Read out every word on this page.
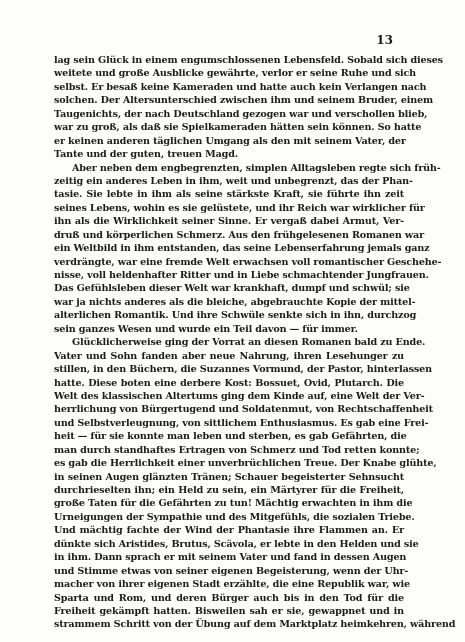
13
lag sein Glück in einem engumschlossenen Lebensfeld. Sobald sich dieses
weitete und große Ausblicke gewährte, verlor er seine Ruhe und sich
selbst. Er besaß keine Kameraden und hatte auch kein Verlangen nach
solchen. Der Altersunterschied zwischen ihm und seinem Bruder, einem
Taugenichts, der nach Deutschland gezogen war und verschollen blieb,
war zu groß, als daß sie Spielkameraden hätten sein können. So hatte
er keinen anderen täglichen Umgang als den mit seinem Vater, der
Tante und der guten, treuen Magd.
Aber neben dem engbegrenzten, simplen Alltagsleben regte sich früh-
zeitig ein anderes Leben in ihm, weit und unbegrenzt, das der Phan-
tasie. Sie lebte in ihm als seine stärkste Kraft, sie führte ihn zeit
seines Lebens, wohin es sie gelüstete, und ihr Reich war wirklicher für
ihn als die Wirklichkeit seiner Sinne. Er vergaß dabei Armut, Ver-
druß und körperlichen Schmerz. Aus den frühgelesenen Romanen war
ein Weltbild in ihm entstanden, das seine Lebenserfahrung jemals ganz
verdrängte, war eine fremde Welt erwachsen voll romantischer Geschehe-
nisse, voll heldenhafter Ritter und in Liebe schmachtender Jungfrauen.
Das Gefühlsleben dieser Welt war krankhaft, dumpf und schwül; sie
war ja nichts anderes als die bleiche, abgebrauchte Kopie der mittel-
alterlichen Romantik. Und ihre Schwüle senkte sich in ihn, durchzog
sein ganzes Wesen und wurde ein Teil davon — für immer.
Glücklicherweise ging der Vorrat an diesen Romanen bald zu Ende.
Vater und Sohn fanden aber neue Nahrung, ihren Lesehunger zu
stillen, in den Büchern, die Suzannes Vormund, der Pastor, hinterlassen
hatte. Diese boten eine derbere Kost: Bossuet, Ovid, Plutarch. Die
Welt des klassischen Altertums ging dem Kinde auf, eine Welt der Ver-
herrlichung von Bürgertugend und Soldatenmut, von Rechtschaffenheit
und Selbstverleugnung, von sittlichem Enthusiasmus. Es gab eine Frei-
heit — für sie konnte man leben und sterben, es gab Gefährten, die
man durch standhaftes Ertragen von Schmerz und Tod retten konnte;
es gab die Herrlichkeit einer unverbrüchlichen Treue. Der Knabe glühte,
in seinen Augen glänzten Tränen; Schauer begeisterter Sehnsucht
durchrieselten ihn; ein Held zu sein, ein Märtyrer für die Freiheit,
große Taten für die Gefährten zu tun! Mächtig erwachten in ihm die
Urneigungen der Sympathie und des Mitgefühls, die sozialen Triebe.
Und mächtig fachte der Wind der Phantasie ihre Flammen an. Er
dünkte sich Aristides, Brutus, Scävola, er lebte in den Helden und sie
in ihm. Dann sprach er mit seinem Vater und fand in dessen Augen
und Stimme etwas von seiner eigenen Begeisterung, wenn der Uhr-
macher von ihrer eigenen Stadt erzählte, die eine Republik war, wie
Sparta und Rom, und deren Bürger auch bis in den Tod für die
Freiheit gekämpft hatten. Bisweilen sah er sie, gewappnet und in
strammem Schritt von der Übung auf dem Marktplatz heimkehren, während
